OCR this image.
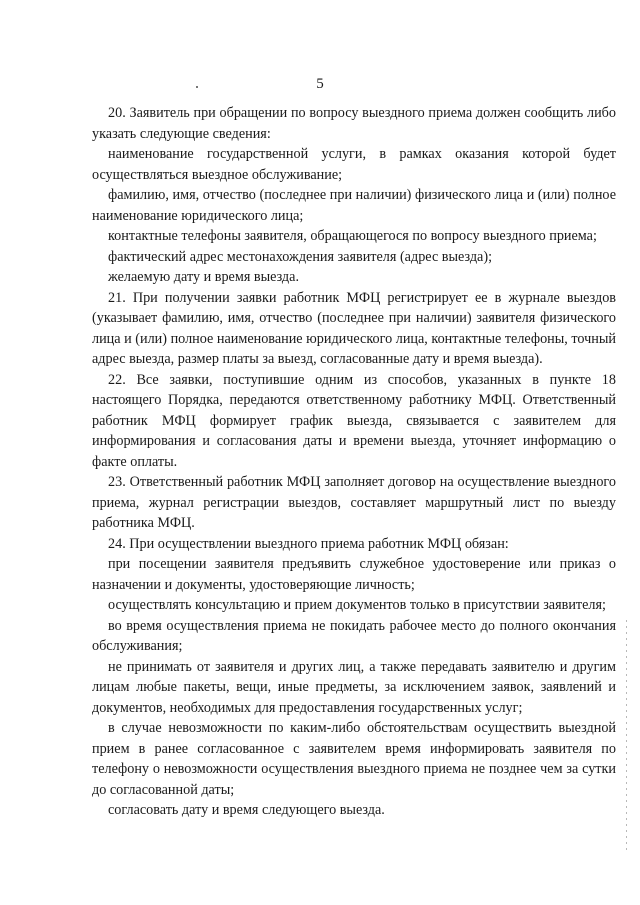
5

20. Заявитель при обращении по вопросу выездного приема должен сообщить либо указать следующие сведения:

наименование государственной услуги, в рамках оказания которой будет осуществляться выездное обслуживание;

фамилию, имя, отчество (последнее при наличии) физического лица и (или) полное наименование юридического лица;

контактные телефоны заявителя, обращающегося по вопросу выездного приема;

фактический адрес местонахождения заявителя (адрес выезда);

желаемую дату и время выезда.

21. При получении заявки работник МФЦ регистрирует ее в журнале выездов (указывает фамилию, имя, отчество (последнее при наличии) заявителя физического лица и (или) полное наименование юридического лица, контактные телефоны, точный адрес выезда, размер платы за выезд, согласованные дату и время выезда).

22. Все заявки, поступившие одним из способов, указанных в пункте 18 настоящего Порядка, передаются ответственному работнику МФЦ. Ответственный работник МФЦ формирует график выезда, связывается с заявителем для информирования и согласования даты и времени выезда, уточняет информацию о факте оплаты.

23. Ответственный работник МФЦ заполняет договор на осуществление выездного приема, журнал регистрации выездов, составляет маршрутный лист по выезду работника МФЦ.

24. При осуществлении выездного приема работник МФЦ обязан:

при посещении заявителя предъявить служебное удостоверение или приказ о назначении и документы, удостоверяющие личность;

осуществлять консультацию и прием документов только в присутствии заявителя;

во время осуществления приема не покидать рабочее место до полного окончания обслуживания;

не принимать от заявителя и других лиц, а также передавать заявителю и другим лицам любые пакеты, вещи, иные предметы, за исключением заявок, заявлений и документов, необходимых для предоставления государственных услуг;

в случае невозможности по каким-либо обстоятельствам осуществить выездной прием в ранее согласованное с заявителем время информировать заявителя по телефону о невозможности осуществления выездного приема не позднее чем за сутки до согласованной даты;

согласовать дату и время следующего выезда.
